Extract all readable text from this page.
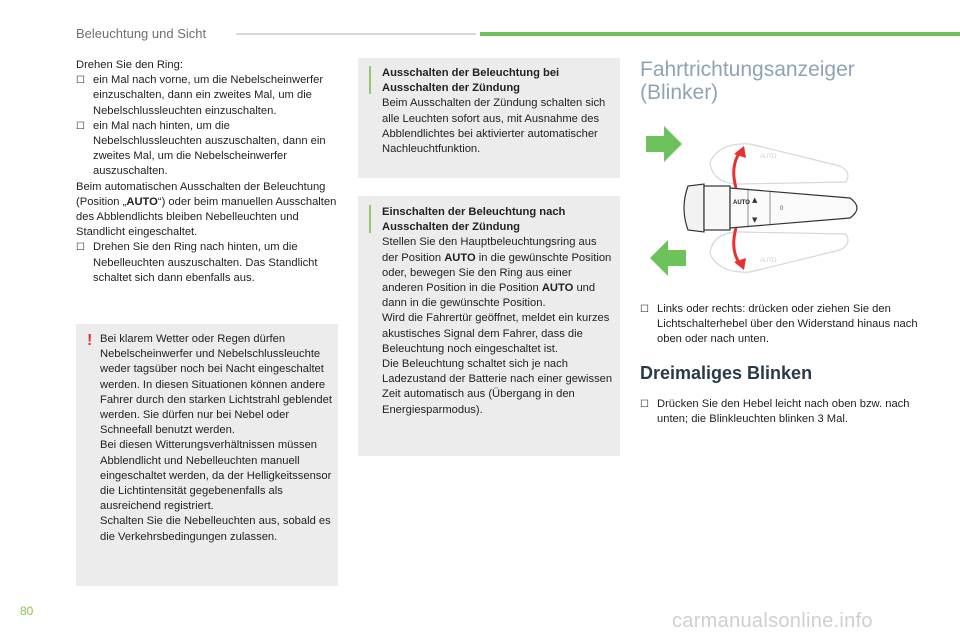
Beleuchtung und Sicht

Drehen Sie den Ring:

☐ ein Mal nach vorne, um die Nebelscheinwerfer einzuschalten, dann ein zweites Mal, um die Nebelschlussleuchten einzuschalten.

☐ ein Mal nach hinten, um die Nebelschlussleuchten auszuschalten, dann ein zweites Mal, um die Nebelscheinwerfer auszuschalten.

Beim automatischen Ausschalten der Beleuchtung (Position „AUTO“) oder beim manuellen Ausschalten des Abblendlichts bleiben Nebelleuchten und Standlicht eingeschaltet.

☐ Drehen Sie den Ring nach hinten, um die Nebelleuchten auszuschalten. Das Standlicht schaltet sich dann ebenfalls aus.

! Bei klarem Wetter oder Regen dürfen Nebelscheinwerfer und Nebelschlussleuchte weder tagsüber noch bei Nacht eingeschaltet werden. In diesen Situationen können andere Fahrer durch den starken Lichtstrahl geblendet werden. Sie dürfen nur bei Nebel oder Schneefall benutzt werden.

Bei diesen Witterungsverhältnissen müssen Abblendlicht und Nebelleuchten manuell eingeschaltet werden, da der Helligkeitssensor die Lichtintensität gegebenenfalls als ausreichend registriert.

Schalten Sie die Nebelleuchten aus, sobald es die Verkehrsbedingungen zulassen.

Ausschalten der Beleuchtung bei Ausschalten der Zündung

Beim Ausschalten der Zündung schalten sich alle Leuchten sofort aus, mit Ausnahme des Abblendlichtes bei aktivierter automatischer Nachleuchtfunktion.

Einschalten der Beleuchtung nach Ausschalten der Zündung

Stellen Sie den Hauptbeleuchtungsring aus der Position AUTO in die gewünschte Position oder, bewegen Sie den Ring aus einer anderen Position in die Position AUTO und dann in die gewünschte Position.

Wird die Fahrertür geöffnet, meldet ein kurzes akustisches Signal dem Fahrer, dass die Beleuchtung noch eingeschaltet ist.

Die Beleuchtung schaltet sich je nach Ladezustand der Batterie nach einer gewissen Zeit automatisch aus (Übergang in den Energiesparmodus).

Fahrtrichtungsanzeiger
(Blinker)
AUTO
AUTO
AUTO
0
▲
▼

☐ Links oder rechts: drücken oder ziehen Sie den Lichtschalterhebel über den Widerstand hinaus nach oben oder nach unten.

Dreimaliges Blinken

☐ Drücken Sie den Hebel leicht nach oben bzw. nach unten; die Blinkleuchten blinken 3 Mal.

80	carmanualsonline.info
